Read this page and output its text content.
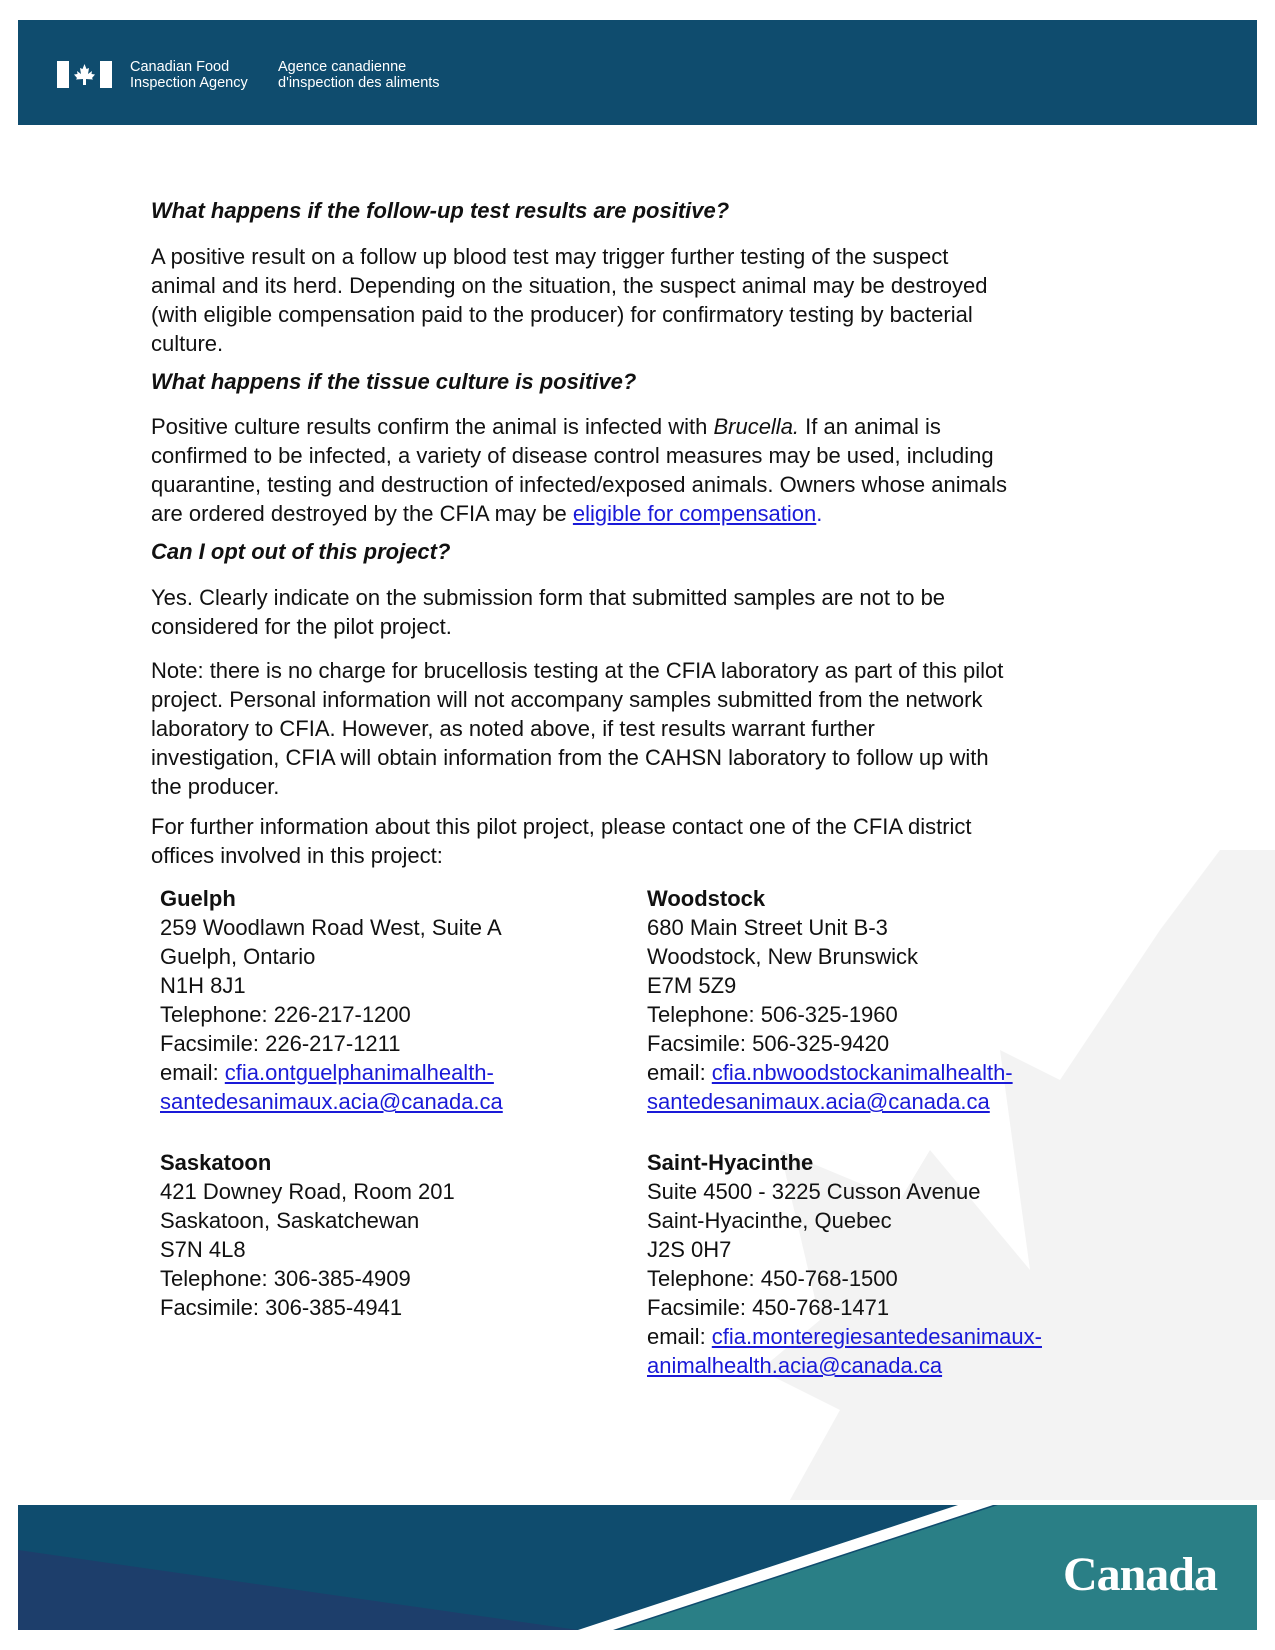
Canadian Food
Inspection Agency
Agence canadienne
d'inspection des aliments
What happens if the follow-up test results are positive?
A positive result on a follow up blood test may trigger further testing of the suspect
animal and its herd. Depending on the situation, the suspect animal may be destroyed
(with eligible compensation paid to the producer) for confirmatory testing by bacterial
culture.
What happens if the tissue culture is positive?
Positive culture results confirm the animal is infected with Brucella. If an animal is
confirmed to be infected, a variety of disease control measures may be used, including
quarantine, testing and destruction of infected/exposed animals. Owners whose animals
are ordered destroyed by the CFIA may be eligible for compensation.
Can I opt out of this project?
Yes. Clearly indicate on the submission form that submitted samples are not to be
considered for the pilot project.
Note: there is no charge for brucellosis testing at the CFIA laboratory as part of this pilot
project. Personal information will not accompany samples submitted from the network
laboratory to CFIA. However, as noted above, if test results warrant further
investigation, CFIA will obtain information from the CAHSN laboratory to follow up with
the producer.
For further information about this pilot project, please contact one of the CFIA district
offices involved in this project:
Guelph
259 Woodlawn Road West, Suite A
Guelph, Ontario
N1H 8J1
Telephone: 226-217-1200
Facsimile: 226-217-1211
email: cfia.ontguelphanimalhealth-
santedesanimaux.acia@canada.ca
Woodstock
680 Main Street Unit B-3
Woodstock, New Brunswick
E7M 5Z9
Telephone: 506-325-1960
Facsimile: 506-325-9420
email: cfia.nbwoodstockanimalhealth-
santedesanimaux.acia@canada.ca
Saskatoon
421 Downey Road, Room 201
Saskatoon, Saskatchewan
S7N 4L8
Telephone: 306-385-4909
Facsimile: 306-385-4941
Saint-Hyacinthe
Suite 4500 - 3225 Cusson Avenue
Saint-Hyacinthe, Quebec
J2S 0H7
Telephone: 450-768-1500
Facsimile: 450-768-1471
email: cfia.monteregiesantedesanimaux-
animalhealth.acia@canada.ca
Canada
